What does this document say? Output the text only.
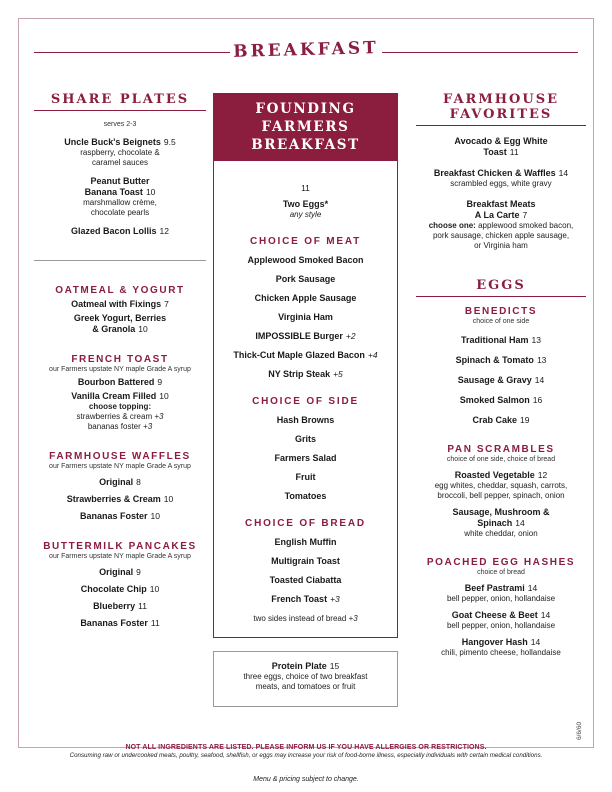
BREAKFAST
SHARE PLATES
serves 2-3
Uncle Buck's Beignets 9.5
raspberry, chocolate &
caramel sauces
Peanut Butter
Banana Toast 10
marshmallow crème,
chocolate pearls
Glazed Bacon Lollis 12
OATMEAL & YOGURT
Oatmeal with Fixings 7
Greek Yogurt, Berries
& Granola 10
FRENCH TOAST
our Farmers upstate NY maple Grade A syrup
Bourbon Battered 9
Vanilla Cream Filled 10
choose topping:
strawberries & cream +3
bananas foster +3
FARMHOUSE WAFFLES
our Farmers upstate NY maple Grade A syrup
Original 8
Strawberries & Cream 10
Bananas Foster 10
BUTTERMILK PANCAKES
our Farmers upstate NY maple Grade A syrup
Original 9
Chocolate Chip 10
Blueberry 11
Bananas Foster 11
FOUNDING FARMERS
BREAKFAST
11
Two Eggs*
any style
CHOICE OF MEAT
Applewood Smoked Bacon
Pork Sausage
Chicken Apple Sausage
Virginia Ham
IMPOSSIBLE Burger +2
Thick-Cut Maple Glazed Bacon +4
NY Strip Steak +5
CHOICE OF SIDE
Hash Browns
Grits
Farmers Salad
Fruit
Tomatoes
CHOICE OF BREAD
English Muffin
Multigrain Toast
Toasted Ciabatta
French Toast +3
two sides instead of bread +3
Protein Plate 15
three eggs, choice of two breakfast
meats, and tomatoes or fruit
FARMHOUSE
FAVORITES
Avocado & Egg White
Toast 11
Breakfast Chicken & Waffles 14
scrambled eggs, white gravy
Breakfast Meats
A La Carte 7
choose one: applewood smoked bacon,
pork sausage, chicken apple sausage,
or Virginia ham
EGGS
BENEDICTS
choice of one side
Traditional Ham 13
Spinach & Tomato 13
Sausage & Gravy 14
Smoked Salmon 16
Crab Cake 19
PAN SCRAMBLES
choice of one side, choice of bread
Roasted Vegetable 12
egg whites, cheddar, squash, carrots,
broccoli, bell pepper, spinach, onion
Sausage, Mushroom &
Spinach 14
white cheddar, onion
POACHED EGG HASHES
choice of bread
Beef Pastrami 14
bell pepper, onion, hollandaise
Goat Cheese & Beet 14
bell pepper, onion, hollandaise
Hangover Hash 14
chili, pimento cheese, hollandaise
NOT ALL INGREDIENTS ARE LISTED. PLEASE INFORM US IF YOU HAVE ALLERGIES OR RESTRICTIONS.
Consuming raw or undercooked meats, poultry, seafood, shellfish, or eggs may increase your risk of food-borne illness, especially individuals with certain medical conditions.
6/6/60
Menu & pricing subject to change.
